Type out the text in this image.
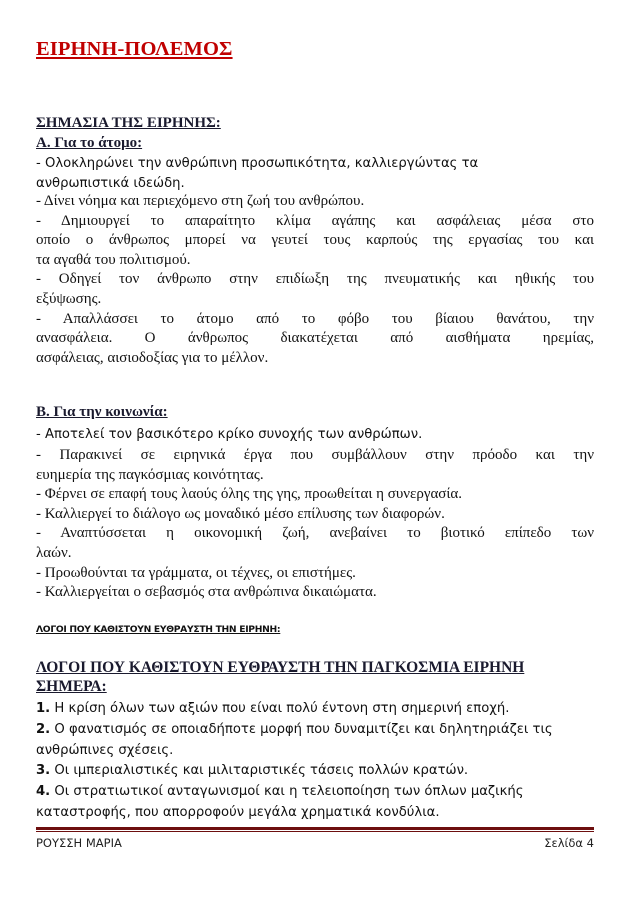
ΕΙΡΗΝΗ-ΠΟΛΕΜΟΣ
ΣΗΜΑΣΙΑ ΤΗΣ ΕΙΡΗΝΗΣ:
Α. Για το άτομο:
- Ολοκληρώνει την ανθρώπινη προσωπικότητα, καλλιεργώντας τα
ανθρωπιστικά ιδεώδη.
- Δίνει νόημα και περιεχόμενο στη ζωή του ανθρώπου.
- Δημιουργεί το απαραίτητο κλίμα αγάπης και ασφάλειας μέσα στο
οποίο ο άνθρωπος μπορεί να γευτεί τους καρπούς της εργασίας του και
τα αγαθά του πολιτισμού.
- Οδηγεί τον άνθρωπο στην επιδίωξη της πνευματικής και ηθικής του
εξύψωσης.
- Απαλλάσσει το άτομο από το φόβο του βίαιου θανάτου, την
ανασφάλεια. Ο άνθρωπος διακατέχεται από αισθήματα ηρεμίας,
ασφάλειας, αισιοδοξίας για το μέλλον.
Β. Για την κοινωνία:
- Αποτελεί τον βασικότερο κρίκο συνοχής των ανθρώπων.
- Παρακινεί σε ειρηνικά έργα που συμβάλλουν στην πρόοδο και την
ευημερία της παγκόσμιας κοινότητας.
- Φέρνει σε επαφή τους λαούς όλης της γης, προωθείται η συνεργασία.
- Καλλιεργεί το διάλογο ως μοναδικό μέσο επίλυσης των διαφορών.
- Αναπτύσσεται η οικονομική ζωή, ανεβαίνει το βιοτικό επίπεδο των
λαών.
- Προωθούνται τα γράμματα, οι τέχνες, οι επιστήμες.
- Καλλιεργείται ο σεβασμός στα ανθρώπινα δικαιώματα.
ΛΟΓΟΙ ΠΟΥ ΚΑΘΙΣΤΟΥΝ ΕΥΘΡΑΥΣΤΗ ΤΗΝ ΕΙΡΗΝΗ:
ΛΟΓΟΙ ΠΟΥ ΚΑΘΙΣΤΟΥΝ ΕΥΘΡΑΥΣΤΗ ΤΗΝ ΠΑΓΚΟΣΜΙΑ ΕΙΡΗΝΗ
ΣΗΜΕΡΑ:
1. Η κρίση όλων των αξιών που είναι πολύ έντονη στη σημερινή εποχή.
2. Ο φανατισμός σε οποιαδήποτε μορφή που δυναμιτίζει και δηλητηριάζει τις
ανθρώπινες σχέσεις.
3. Οι ιμπεριαλιστικές και μιλιταριστικές τάσεις πολλών κρατών.
4. Οι στρατιωτικοί ανταγωνισμοί και η τελειοποίηση των όπλων μαζικής
καταστροφής, που απορροφούν μεγάλα χρηματικά κονδύλια.
ΡΟΥΣΣΗ ΜΑΡΙΑ	Σελίδα 4
